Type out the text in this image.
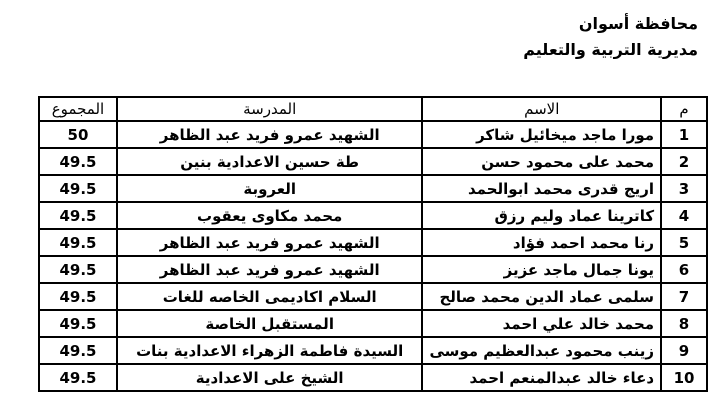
محافظة أسوان
مديرية التربية والتعليم
م	الاسم	المدرسة	المجموع
1	مورا ماجد ميخائيل شاكر	الشهيد عمرو فريد عبد الظاهر	50
2	محمد على محمود حسن	طة حسين الاعدادية بنين	49.5
3	اريج قدرى محمد ابوالحمد	العروبة	49.5
4	كاترينا عماد وليم رزق	محمد مكاوى يعقوب	49.5
5	رنا محمد احمد فؤاد	الشهيد عمرو فريد عبد الظاهر	49.5
6	يونا جمال ماجد عزيز	الشهيد عمرو فريد عبد الظاهر	49.5
7	سلمى عماد الدين محمد صالح	السلام اكاديمى الخاصه للغات	49.5
8	محمد خالد علي احمد	المستقبل الخاصة	49.5
9	زينب محمود عبدالعظيم موسى	السيدة فاطمة الزهراء الاعدادية بنات	49.5
10	دعاء خالد عبدالمنعم احمد	الشيخ على الاعدادية	49.5
